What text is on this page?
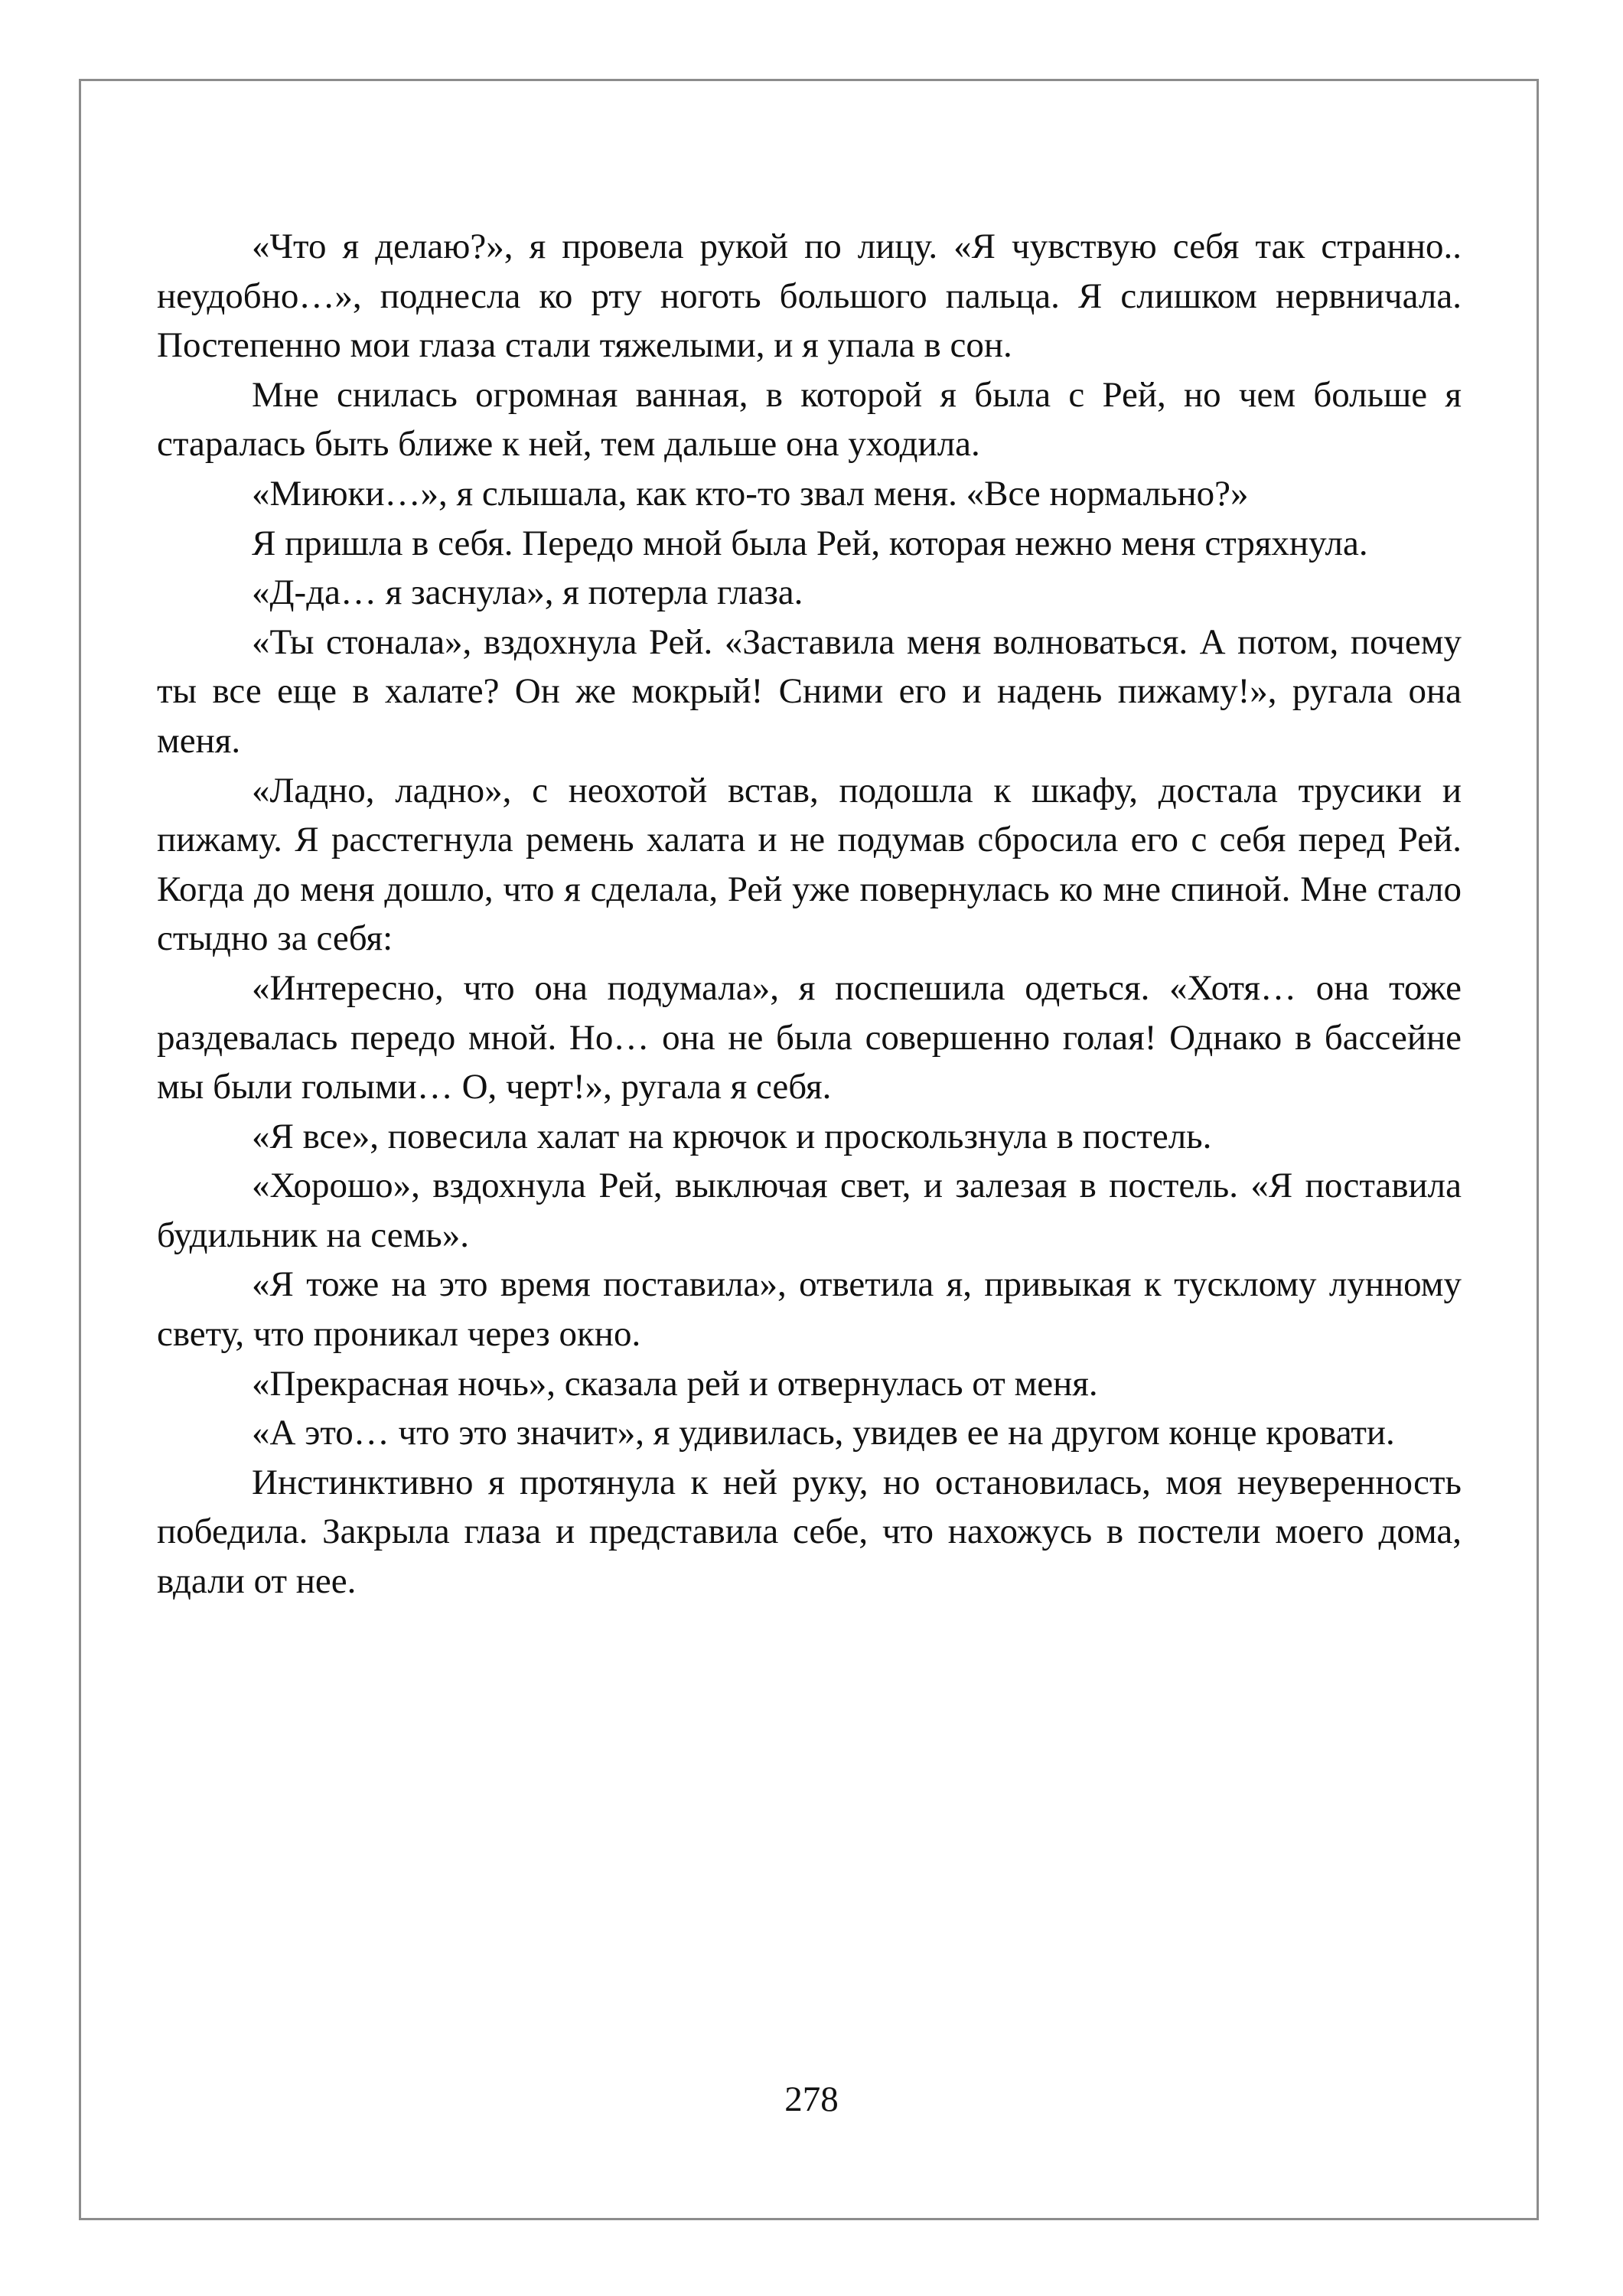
«Что я делаю?», я провела рукой по лицу. «Я чувствую себя так странно.. неудобно…», поднесла ко рту ноготь большого пальца. Я слишком нервничала. Постепенно мои глаза стали тяжелыми, и я упала в сон.

Мне снилась огромная ванная, в которой я была с Рей, но чем больше я старалась быть ближе к ней, тем дальше она уходила.

«Миюки…», я слышала, как кто-то звал меня. «Все нормально?»

Я пришла в себя. Передо мной была Рей, которая нежно меня стряхнула.

«Д-да… я заснула», я потерла глаза.

«Ты стонала», вздохнула Рей. «Заставила меня волноваться. А потом, почему ты все еще в халате? Он же мокрый! Сними его и надень пижаму!», ругала она меня.

«Ладно, ладно», с неохотой встав, подошла к шкафу, достала трусики и пижаму. Я расстегнула ремень халата и не подумав сбросила его с себя перед Рей. Когда до меня дошло, что я сделала, Рей уже повернулась ко мне спиной. Мне стало стыдно за себя:

«Интересно, что она подумала», я поспешила одеться. «Хотя… она тоже раздевалась передо мной. Но… она не была совершенно голая! Однако в бассейне мы были голыми… О, черт!», ругала я себя.

«Я все», повесила халат на крючок и проскользнула в постель.

«Хорошо», вздохнула Рей, выключая свет, и залезая в постель. «Я поставила будильник на семь».

«Я тоже на это время поставила», ответила я, привыкая к тусклому лунному свету, что проникал через окно.

«Прекрасная ночь», сказала рей и отвернулась от меня.

«А это… что это значит», я удивилась, увидев ее на другом конце кровати.

Инстинктивно я протянула к ней руку, но остановилась, моя неуверенность победила. Закрыла глаза и представила себе, что нахожусь в постели моего дома, вдали от нее.

278
